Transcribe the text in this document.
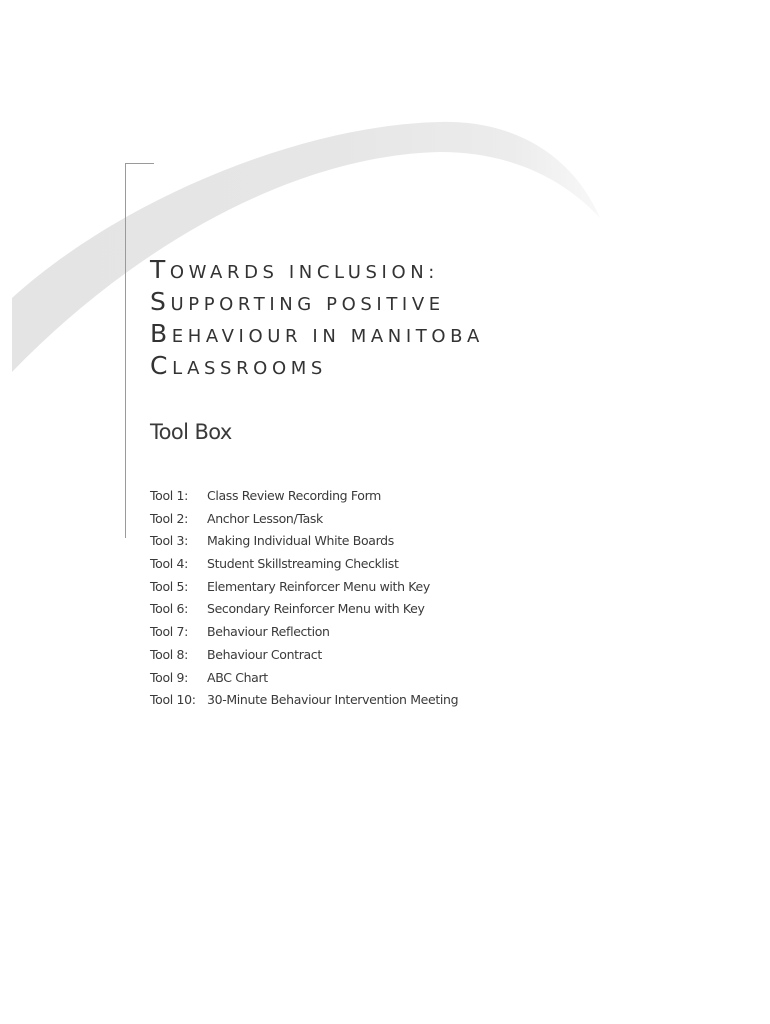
TOWARDS INCLUSION:
SUPPORTING POSITIVE
BEHAVIOUR IN MANITOBA
CLASSROOMS
Tool Box
Tool 1:	Class Review Recording Form
Tool 2:	Anchor Lesson/Task
Tool 3:	Making Individual White Boards
Tool 4:	Student Skillstreaming Checklist
Tool 5:	Elementary Reinforcer Menu with Key
Tool 6:	Secondary Reinforcer Menu with Key
Tool 7:	Behaviour Reflection
Tool 8:	Behaviour Contract
Tool 9:	ABC Chart
Tool 10: 30-Minute Behaviour Intervention Meeting
